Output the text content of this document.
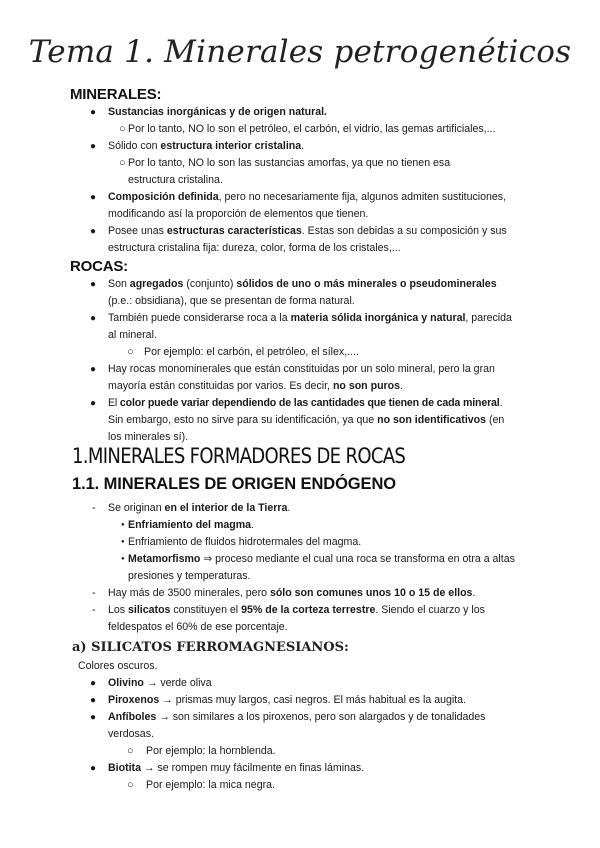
Tema 1. Minerales petrogenéticos
MINERALES:
● Sustancias inorgánicas y de origen natural.

○ Por lo tanto, NO lo son el petróleo, el carbón, el vidrio, las gemas artificiales,...

● Sólido con estructura interior cristalina.

○ Por lo tanto, NO lo son las sustancias amorfas, ya que no tienen esa

estructura cristalina.

● Composición definida, pero no necesariamente fija, algunos admiten sustituciones,

modificando así la proporción de elementos que tienen.

● Posee unas estructuras características. Estas son debidas a su composición y sus

estructura cristalina fija: dureza, color, forma de los cristales,...

ROCAS:
● Son agregados (conjunto) sólidos de uno o más minerales o pseudominerales

(p.e.: obsidiana), que se presentan de forma natural.

● También puede considerarse roca a la materia sólida inorgánica y natural, parecida

al mineral.

○ Por ejemplo: el carbón, el petróleo, el sílex,....

● Hay rocas monominerales que están constituidas por un solo mineral, pero la gran

mayoría están constituidas por varios. Es decir, no son puros.

● El color puede variar dependiendo de las cantidades que tienen de cada mineral.

Sin embargo, esto no sirve para su identificación, ya que no son identificativos (en

los minerales sí).

1.MINERALES FORMADORES DE ROCAS
1.1. MINERALES DE ORIGEN ENDÓGENO
- Se originan en el interior de la Tierra.

● Enfriamiento del magma.

● Enfriamiento de fluidos hidrotermales del magma.

● Metamorfismo ⇒ proceso mediante el cual una roca se transforma en otra a altas

presiones y temperaturas.

- Hay más de 3500 minerales, pero sólo son comunes unos 10 o 15 de ellos.

- Los silicatos constituyen el 95% de la corteza terrestre. Siendo el cuarzo y los

feldespatos el 60% de ese porcentaje.

a) SILICATOS FERROMAGNESIANOS:

Colores oscuros.

● Olivino → verde oliva

● Piroxenos → prismas muy largos, casi negros. El más habitual es la augita.

● Anfíboles → son similares a los piroxenos, pero son alargados y de tonalidades

verdosas.

○ Por ejemplo: la hornblenda.

● Biotita → se rompen muy fácilmente en finas láminas.

○ Por ejemplo: la mica negra.
